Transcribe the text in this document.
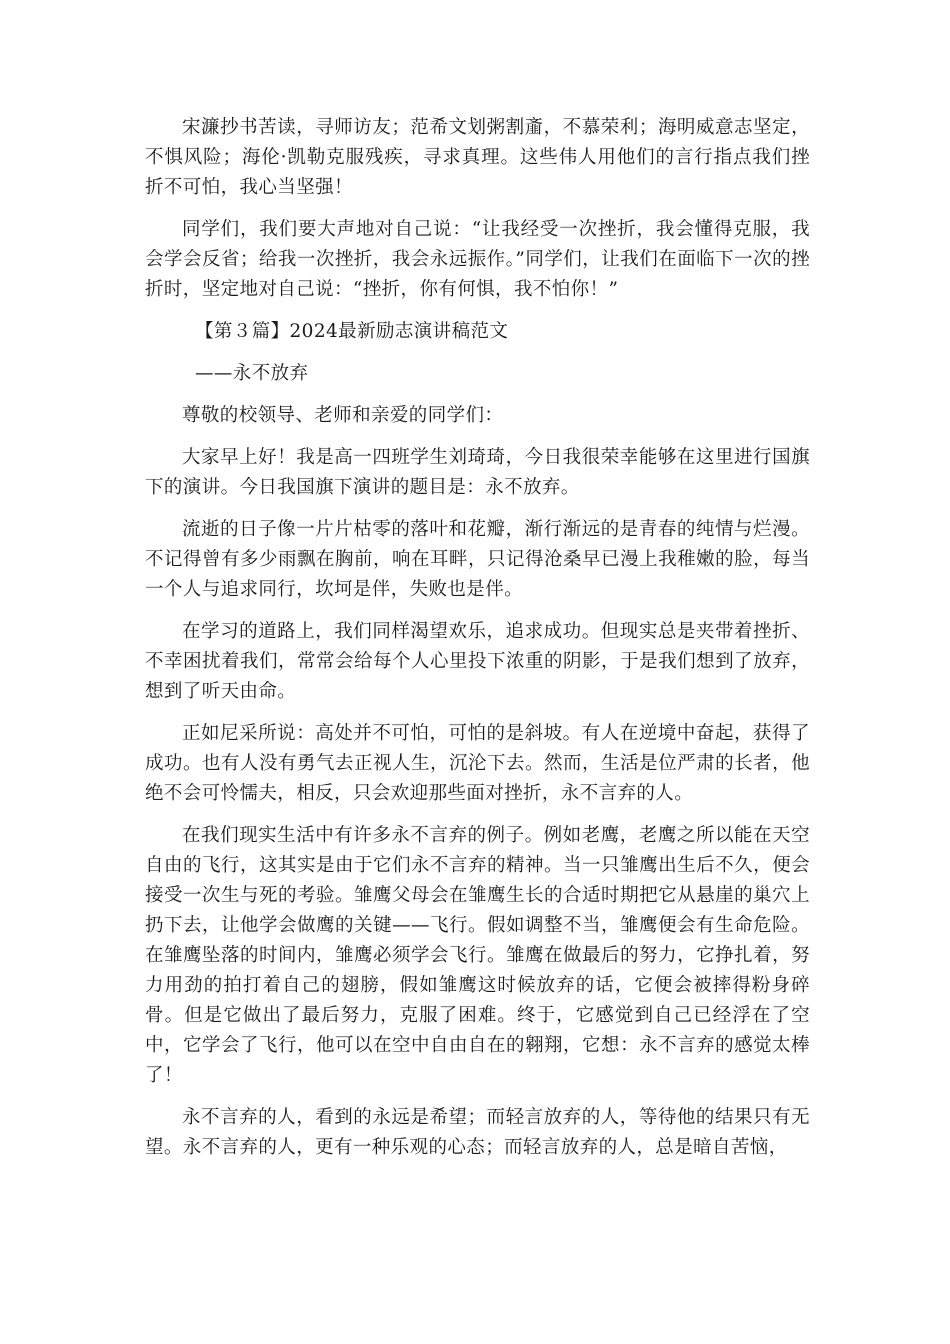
宋濂抄书苦读，寻师访友；范希文划粥割齑，不慕荣利；海明威意志坚定，不惧风险；海伦·凯勒克服残疾，寻求真理。这些伟人用他们的言行指点我们挫折不可怕，我心当坚强！

同学们，我们要大声地对自己说：“让我经受一次挫折，我会懂得克服，我会学会反省；给我一次挫折，我会永远振作。”同学们，让我们在面临下一次的挫折时，坚定地对自己说：“挫折，你有何惧，我不怕你！”

【第３篇】2024最新励志演讲稿范文

——永不放弃

尊敬的校领导、老师和亲爱的同学们：

大家早上好！我是高一四班学生刘琦琦，今日我很荣幸能够在这里进行国旗下的演讲。今日我国旗下演讲的题目是：永不放弃。

流逝的日子像一片片枯零的落叶和花瓣，渐行渐远的是青春的纯情与烂漫。不记得曾有多少雨飘在胸前，响在耳畔，只记得沧桑早已漫上我稚嫩的脸，每当一个人与追求同行，坎坷是伴，失败也是伴。

在学习的道路上，我们同样渴望欢乐，追求成功。但现实总是夹带着挫折、不幸困扰着我们，常常会给每个人心里投下浓重的阴影，于是我们想到了放弃，想到了听天由命。

正如尼采所说：高处并不可怕，可怕的是斜坡。有人在逆境中奋起，获得了成功。也有人没有勇气去正视人生，沉沦下去。然而，生活是位严肃的长者，他绝不会可怜懦夫，相反，只会欢迎那些面对挫折，永不言弃的人。

在我们现实生活中有许多永不言弃的例子。例如老鹰，老鹰之所以能在天空自由的飞行，这其实是由于它们永不言弃的精神。当一只雏鹰出生后不久，便会接受一次生与死的考验。雏鹰父母会在雏鹰生长的合适时期把它从悬崖的巢穴上扔下去，让他学会做鹰的关键——飞行。假如调整不当，雏鹰便会有生命危险。在雏鹰坠落的时间内，雏鹰必须学会飞行。雏鹰在做最后的努力，它挣扎着，努力用劲的拍打着自己的翅膀，假如雏鹰这时候放弃的话，它便会被摔得粉身碎骨。但是它做出了最后努力，克服了困难。终于，它感觉到自己已经浮在了空中，它学会了飞行，他可以在空中自由自在的翱翔，它想：永不言弃的感觉太棒了！

永不言弃的人，看到的永远是希望；而轻言放弃的人，等待他的结果只有无望。永不言弃的人，更有一种乐观的心态；而轻言放弃的人，总是暗自苦恼，
